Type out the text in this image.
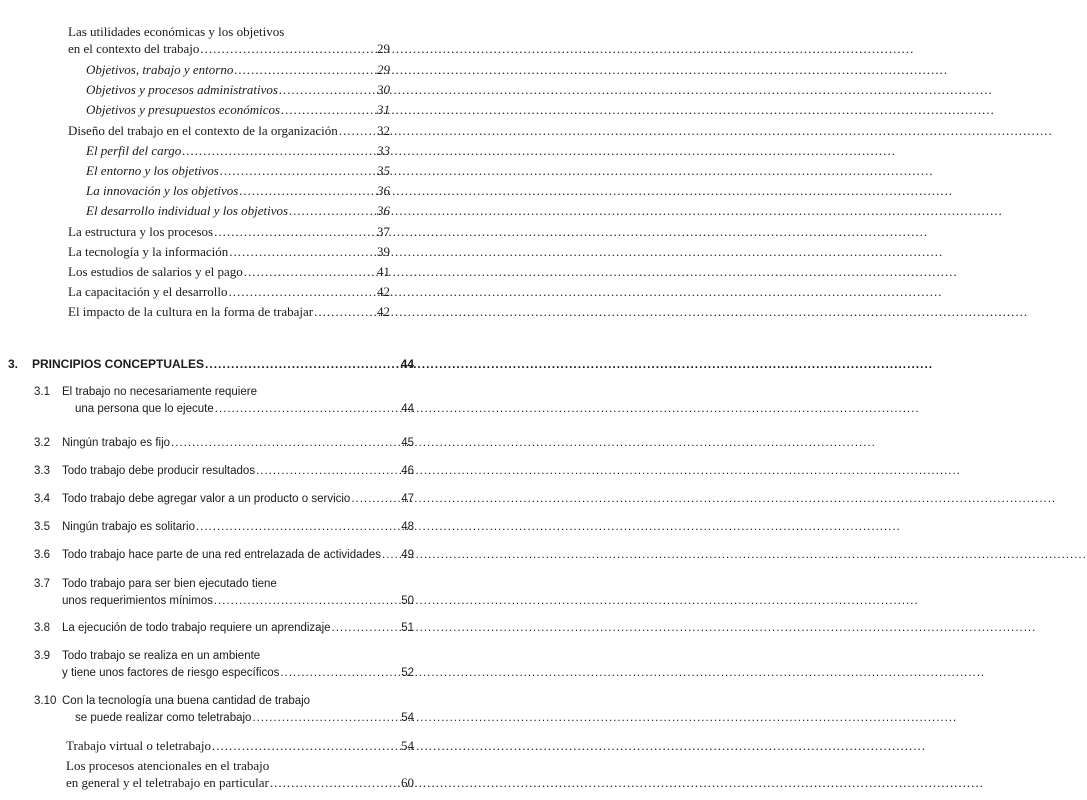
Las utilidades económicas y los objetivos
en el contexto del trabajo .....	29
Objetivos, trabajo y entorno .....	29
Objetivos y procesos administrativos .....	30
Objetivos y presupuestos económicos .....	31
Diseño del trabajo en el contexto de la organización .....	32
El perfil del cargo .....	33
El entorno y los objetivos .....	35
La innovación y los objetivos .....	36
El desarrollo individual y los objetivos .....	36
La estructura y los procesos .....	37
La tecnología y la información .....	39
Los estudios de salarios y el pago .....	41
La capacitación y el desarrollo .....	42
El impacto de la cultura en la forma de trabajar .....	42
3. PRINCIPIOS CONCEPTUALES .....	44
3.1 El trabajo no necesariamente requiere
una persona que lo ejecute .....	44
3.2 Ningún trabajo es fijo .....	45
3.3 Todo trabajo debe producir resultados .....	46
3.4 Todo trabajo debe agregar valor a un producto o servicio .....	47
3.5 Ningún trabajo es solitario .....	48
3.6 Todo trabajo hace parte de una red entrelazada de actividades ..... 49
3.7 Todo trabajo para ser bien ejecutado tiene
unos requerimientos mínimos .....	50
3.8 La ejecución de todo trabajo requiere un aprendizaje .....	51
3.9 Todo trabajo se realiza en un ambiente
y tiene unos factores de riesgo específicos .....	52
3.10 Con la tecnología una buena cantidad de trabajo
se puede realizar como teletrabajo .....	54
Trabajo virtual o teletrabajo .....	54
Los procesos atencionales en el trabajo
en general y el teletrabajo en particular .....	60
